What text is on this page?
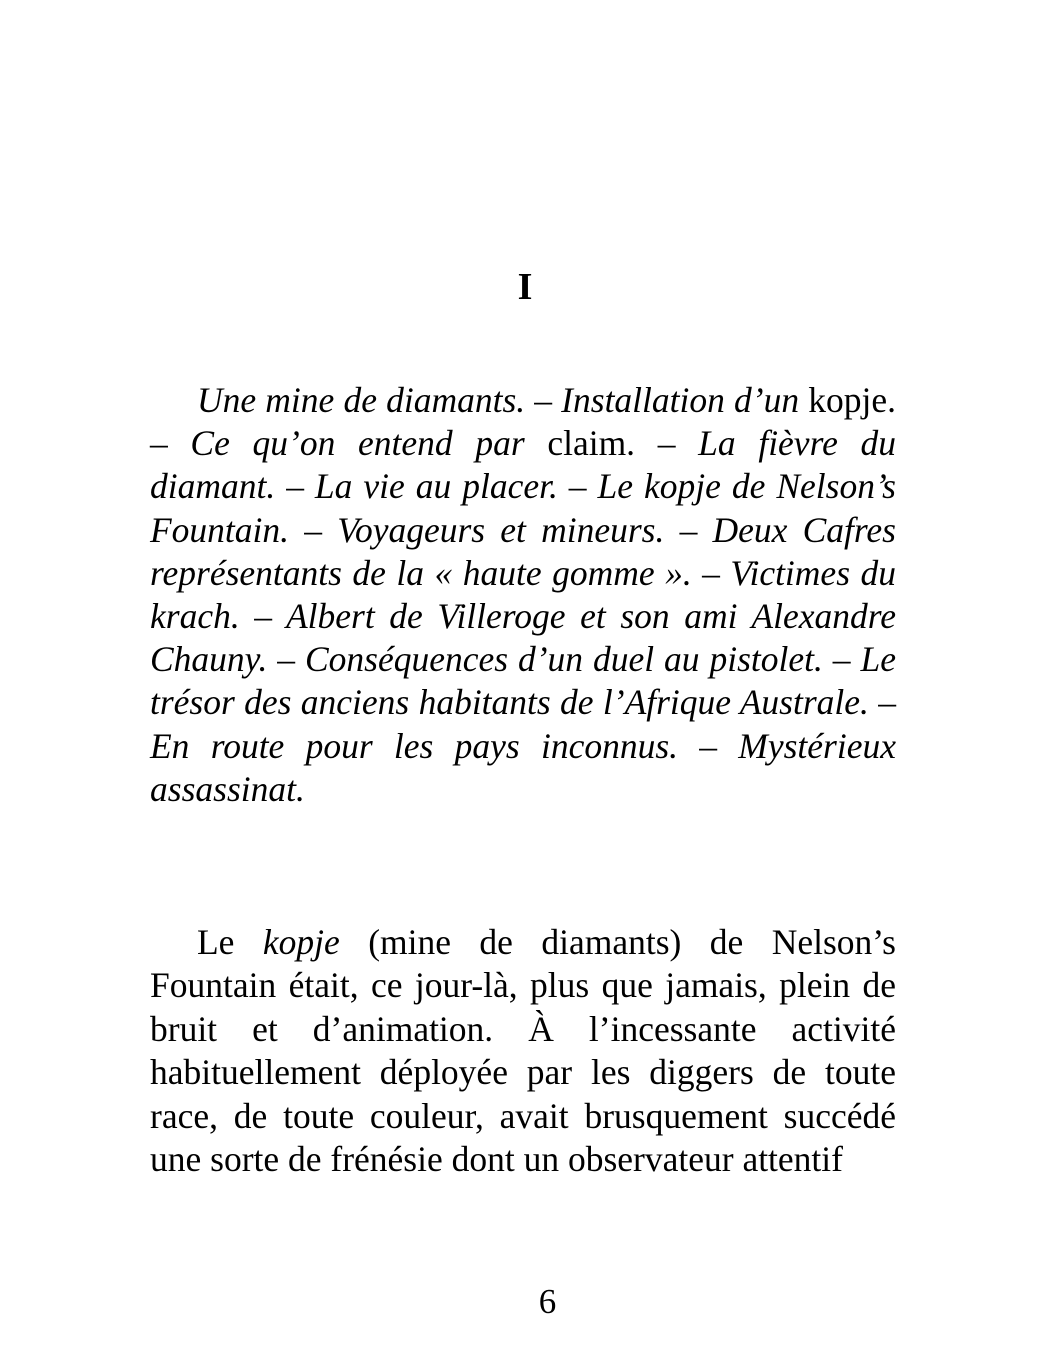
I

Une mine de diamants. – Installation d’un kopje. – Ce qu’on entend par claim. – La fièvre du diamant. – La vie au placer. – Le kopje de Nelson’s Fountain. – Voyageurs et mineurs. – Deux Cafres représentants de la « haute gomme ». – Victimes du krach. – Albert de Villeroge et son ami Alexandre Chauny. – Conséquences d’un duel au pistolet. – Le trésor des anciens habitants de l’Afrique Australe. – En route pour les pays inconnus. – Mystérieux assassinat.

Le kopje (mine de diamants) de Nelson’s Fountain était, ce jour-là, plus que jamais, plein de bruit et d’animation. À l’incessante activité habituellement déployée par les diggers de toute race, de toute couleur, avait brusquement succédé une sorte de frénésie dont un observateur attentif

6
